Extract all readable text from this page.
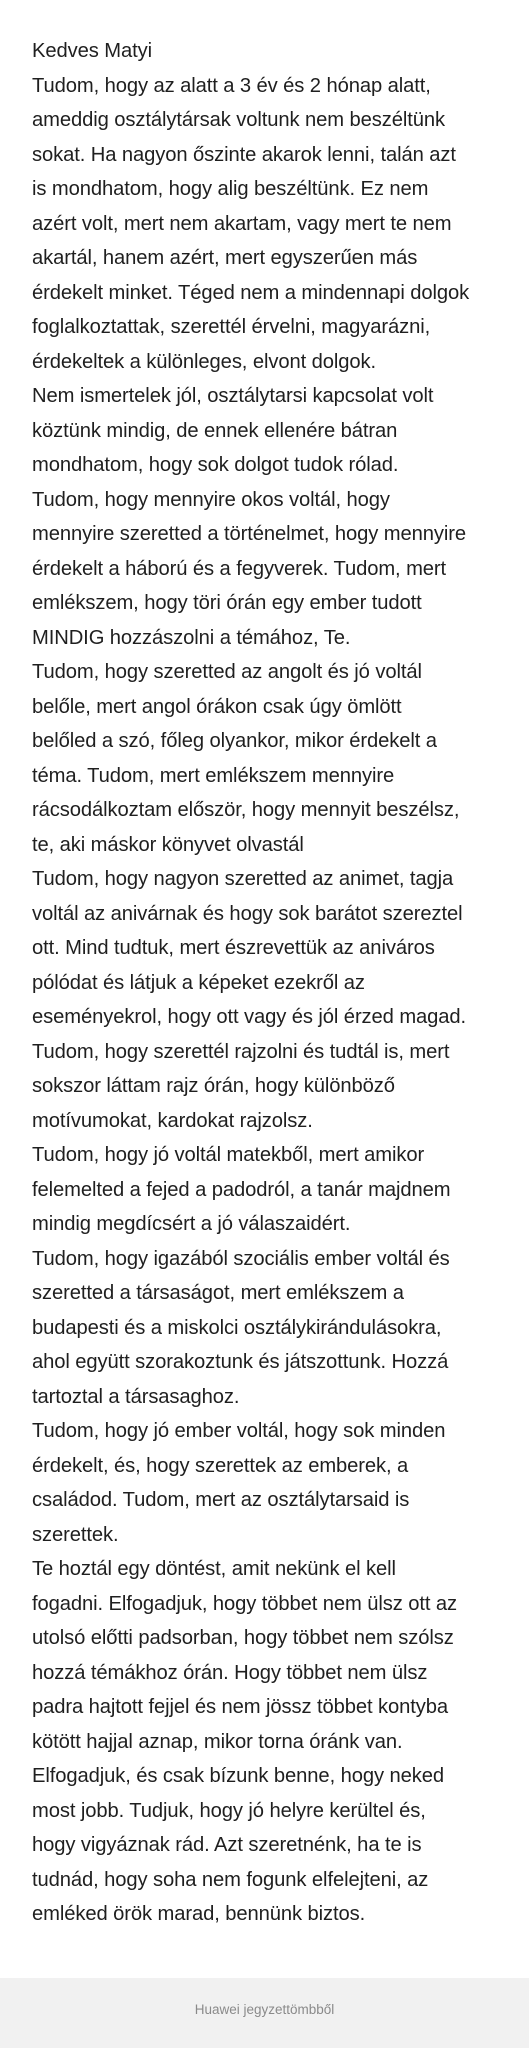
Kedves Matyi

Tudom, hogy az alatt a 3 év és 2 hónap alatt,

ameddig osztálytársak voltunk nem beszéltünk

sokat. Ha nagyon őszinte akarok lenni, talán azt

is mondhatom, hogy alig beszéltünk. Ez nem

azért volt, mert nem akartam, vagy mert te nem

akartál, hanem azért, mert egyszerűen más

érdekelt minket. Téged nem a mindennapi dolgok

foglalkoztattak, szerettél érvelni, magyarázni,

érdekeltek a különleges, elvont dolgok.

Nem ismertelek jól, osztálytarsi kapcsolat volt

köztünk mindig, de ennek ellenére bátran

mondhatom, hogy sok dolgot tudok rólad.

Tudom, hogy mennyire okos voltál, hogy

mennyire szeretted a történelmet, hogy mennyire

érdekelt a háború és a fegyverek. Tudom, mert

emlékszem, hogy töri órán egy ember tudott

MINDIG hozzászolni a témához, Te.

Tudom, hogy szeretted az angolt és jó voltál

belőle, mert angol órákon csak úgy ömlött

belőled a szó, főleg olyankor, mikor érdekelt a

téma. Tudom, mert emlékszem mennyire

rácsodálkoztam először, hogy mennyit beszélsz,

te, aki máskor könyvet olvastál

Tudom, hogy nagyon szeretted az animet, tagja

voltál az anivárnak és hogy sok barátot szereztel

ott. Mind tudtuk, mert észrevettük az aniváros

pólódat és látjuk a képeket ezekről az

eseményekrol, hogy ott vagy és jól érzed magad.

Tudom, hogy szerettél rajzolni és tudtál is, mert

sokszor láttam rajz órán, hogy különböző

motívumokat, kardokat rajzolsz.

Tudom, hogy jó voltál matekből, mert amikor

felemelted a fejed a padodról, a tanár majdnem

mindig megdícsért a jó válaszaidért.

Tudom, hogy igazából szociális ember voltál és

szeretted a társaságot, mert emlékszem a

budapesti és a miskolci osztálykirándulásokra,

ahol együtt szorakoztunk és játszottunk. Hozzá

tartoztal a társasaghoz.

Tudom, hogy jó ember voltál, hogy sok minden

érdekelt, és, hogy szerettek az emberek, a

családod. Tudom, mert az osztálytarsaid is

szerettek.

Te hoztál egy döntést, amit nekünk el kell

fogadni. Elfogadjuk, hogy többet nem ülsz ott az

utolsó előtti padsorban, hogy többet nem szólsz

hozzá témákhoz órán. Hogy többet nem ülsz

padra hajtott fejjel és nem jössz többet kontyba

kötött hajjal aznap, mikor torna óránk van.

Elfogadjuk, és csak bízunk benne, hogy neked

most jobb. Tudjuk, hogy jó helyre kerültel és,

hogy vigyáznak rád. Azt szeretnénk, ha te is

tudnád, hogy soha nem fogunk elfelejteni, az

emléked örök marad, bennünk biztos.

Huawei jegyzettömbből
